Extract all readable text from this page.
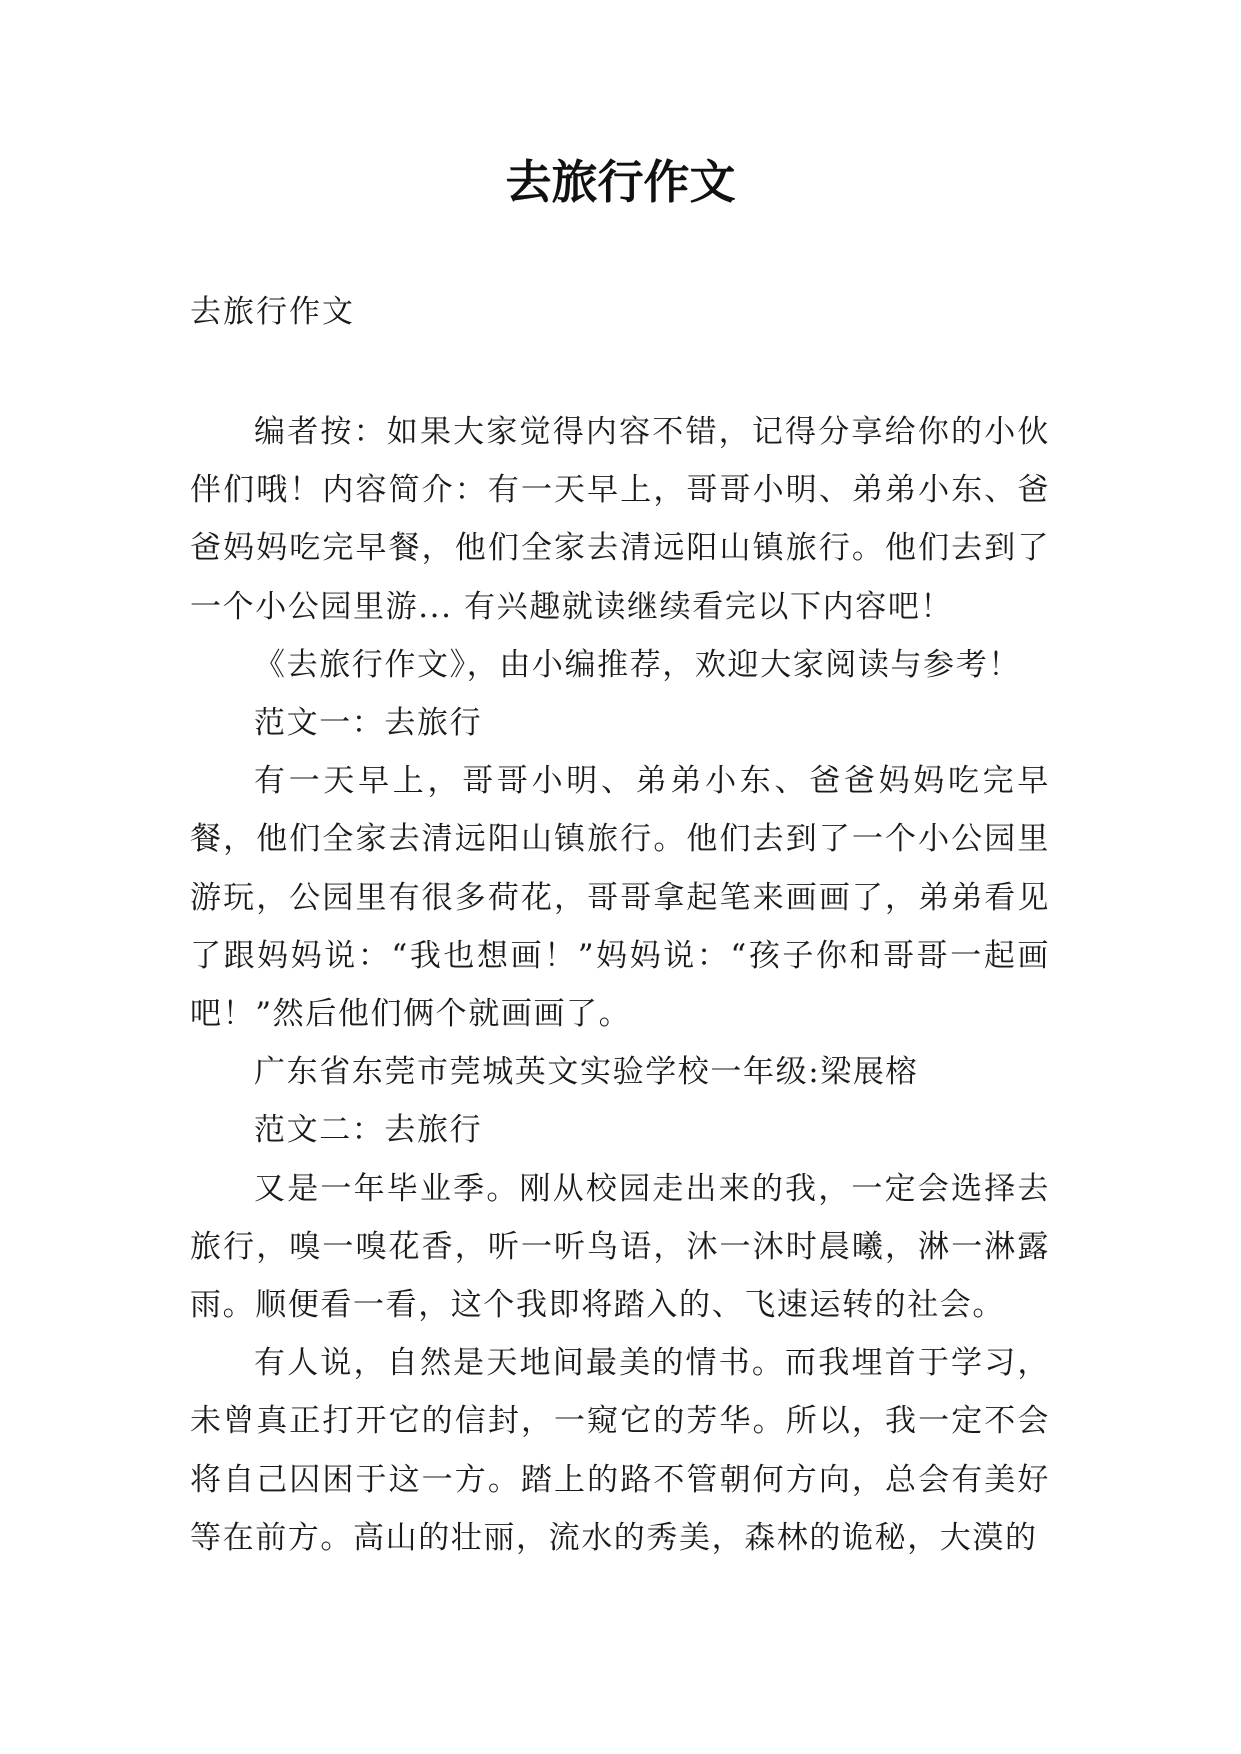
去旅行作文

去旅行作文

编者按：如果大家觉得内容不错，记得分享给你的小伙伴们哦！内容简介：有一天早上，哥哥小明、弟弟小东、爸爸妈妈吃完早餐，他们全家去清远阳山镇旅行。他们去到了一个小公园里游... 有兴趣就读继续看完以下内容吧！

《去旅行作文》，由小编推荐，欢迎大家阅读与参考！

范文一：去旅行

有一天早上，哥哥小明、弟弟小东、爸爸妈妈吃完早餐，他们全家去清远阳山镇旅行。他们去到了一个小公园里游玩，公园里有很多荷花，哥哥拿起笔来画画了，弟弟看见了跟妈妈说：“我也想画！”妈妈说：“孩子你和哥哥一起画吧！”然后他们俩个就画画了。

广东省东莞市莞城英文实验学校一年级:梁展榕

范文二：去旅行

又是一年毕业季。刚从校园走出来的我，一定会选择去旅行，嗅一嗅花香，听一听鸟语，沐一沐时晨曦，淋一淋露雨。顺便看一看，这个我即将踏入的、飞速运转的社会。

有人说，自然是天地间最美的情书。而我埋首于学习，未曾真正打开它的信封，一窥它的芳华。所以，我一定不会将自己囚困于这一方。踏上的路不管朝何方向，总会有美好等在前方。高山的壮丽，流水的秀美，森林的诡秘，大漠的
